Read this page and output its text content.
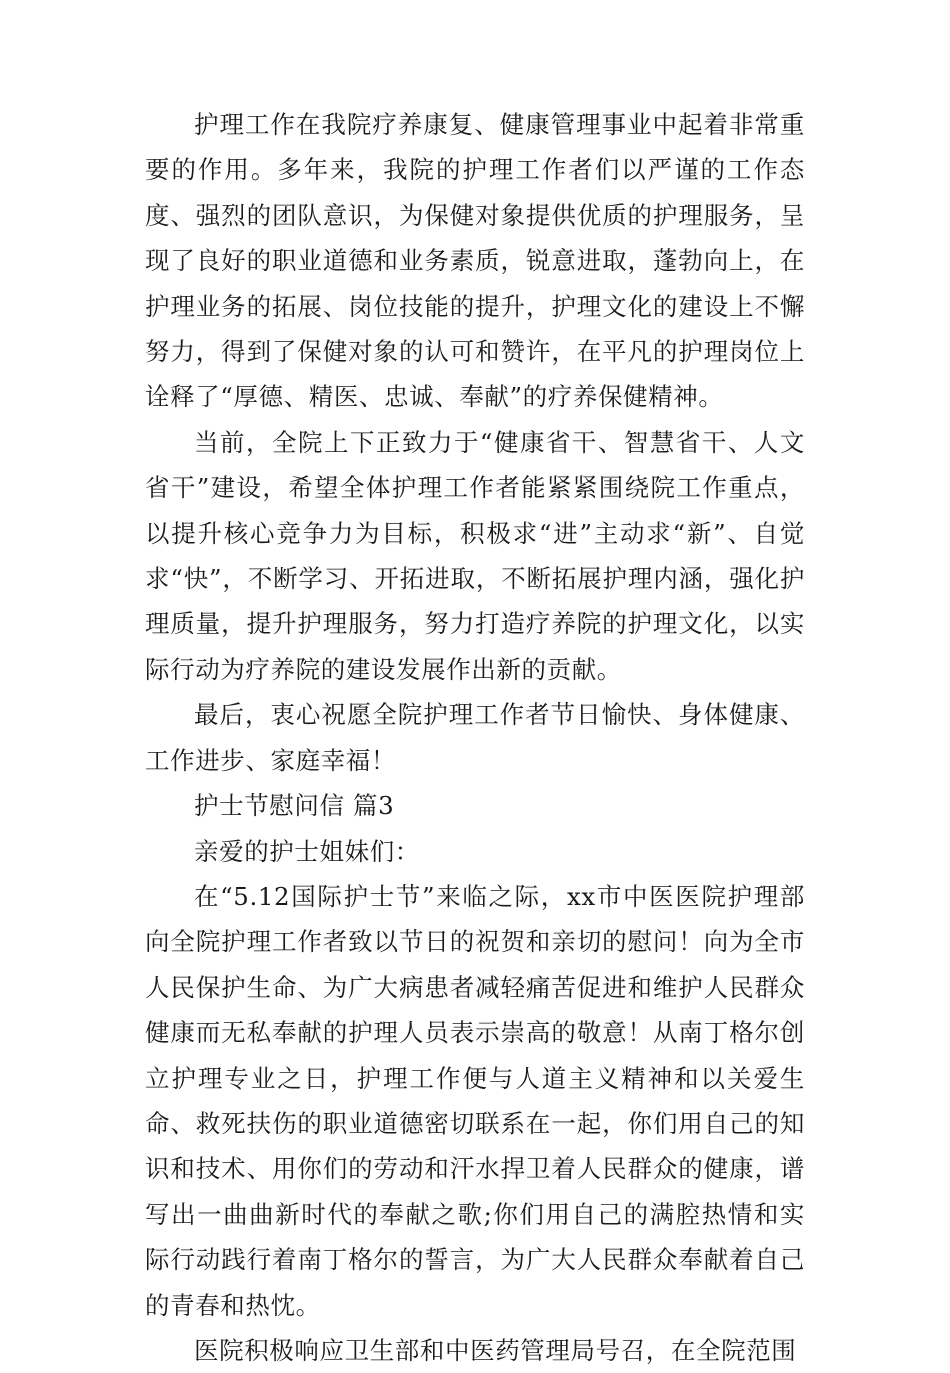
护理工作在我院疗养康复、健康管理事业中起着非常重要的作用。多年来，我院的护理工作者们以严谨的工作态度、强烈的团队意识，为保健对象提供优质的护理服务，呈现了良好的职业道德和业务素质，锐意进取，蓬勃向上，在护理业务的拓展、岗位技能的提升，护理文化的建设上不懈努力，得到了保健对象的认可和赞许，在平凡的护理岗位上诠释了“厚德、精医、忠诚、奉献”的疗养保健精神。

当前，全院上下正致力于“健康省干、智慧省干、人文省干”建设，希望全体护理工作者能紧紧围绕院工作重点，以提升核心竞争力为目标，积极求“进”主动求“新”、自觉求“快”，不断学习、开拓进取，不断拓展护理内涵，强化护理质量，提升护理服务，努力打造疗养院的护理文化，以实际行动为疗养院的建设发展作出新的贡献。

最后，衷心祝愿全院护理工作者节日愉快、身体健康、工作进步、家庭幸福！

护士节慰问信 篇3

亲爱的护士姐妹们：

在“5.12国际护士节”来临之际，xx市中医医院护理部向全院护理工作者致以节日的祝贺和亲切的慰问！向为全市人民保护生命、为广大病患者减轻痛苦促进和维护人民群众健康而无私奉献的护理人员表示崇高的敬意！从南丁格尔创立护理专业之日，护理工作便与人道主义精神和以关爱生命、救死扶伤的职业道德密切联系在一起，你们用自己的知识和技术、用你们的劳动和汗水捍卫着人民群众的健康，谱写出一曲曲新时代的奉献之歌;你们用自己的满腔热情和实际行动践行着南丁格尔的誓言，为广大人民群众奉献着自己的青春和热忱。

医院积极响应卫生部和中医药管理局号召，在全院范围
